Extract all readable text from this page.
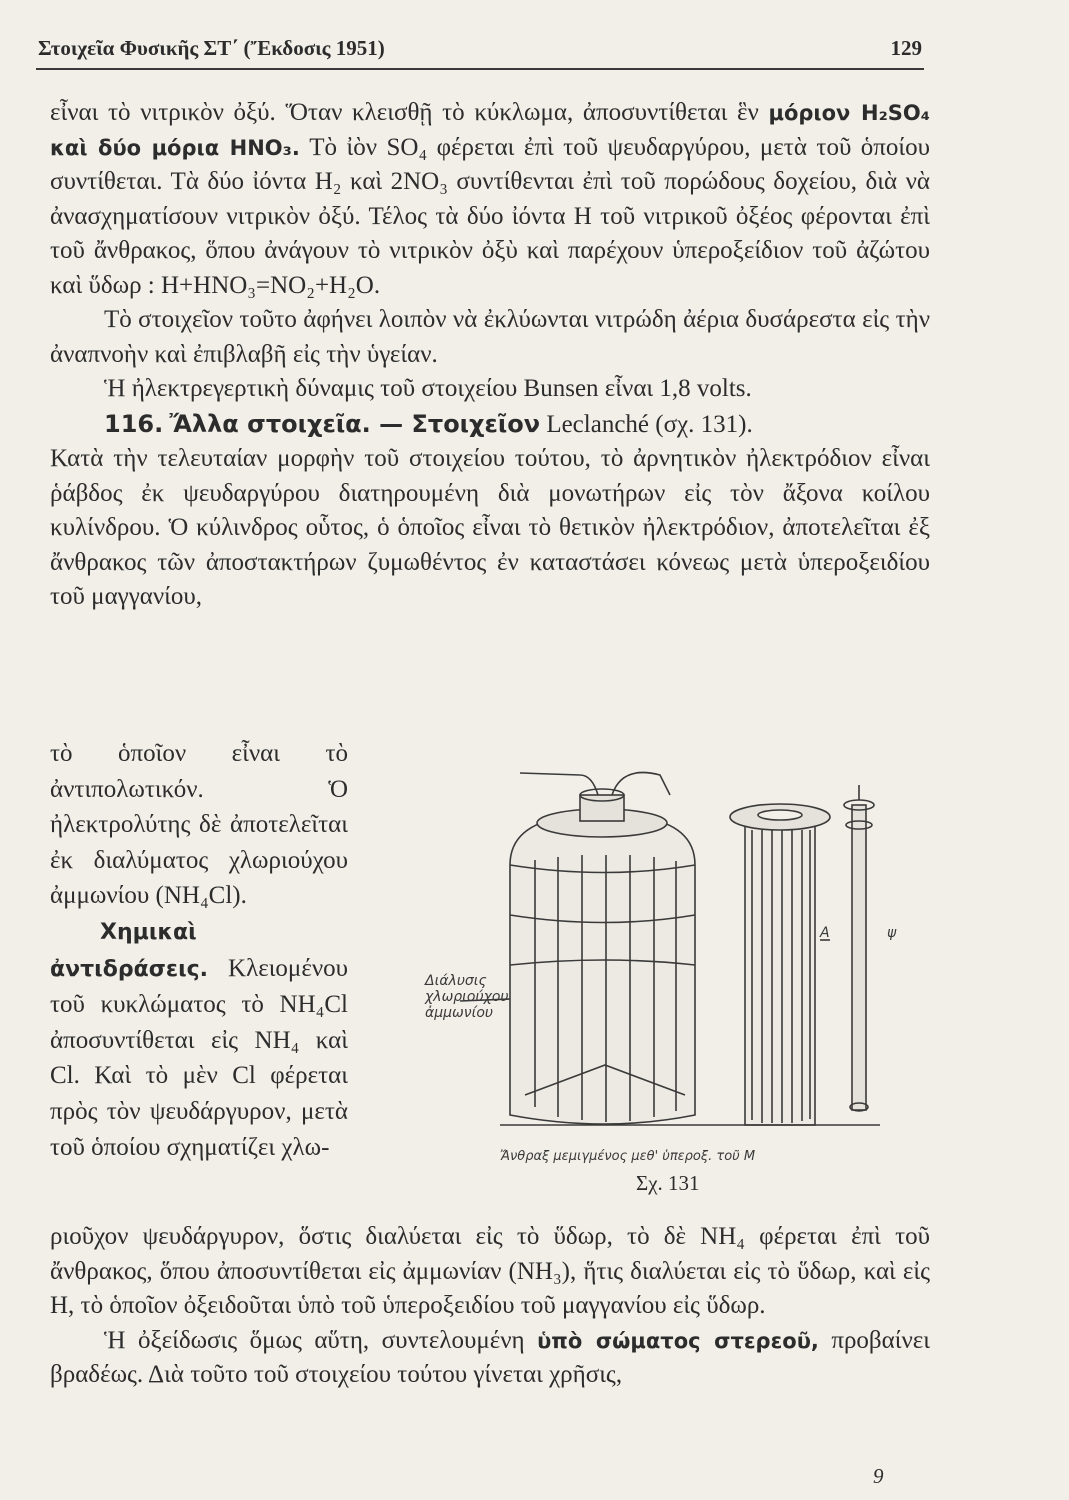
Στοιχεῖα Φυσικῆς ΣΤ΄ (Ἔκδοσις 1951)	129

εἶναι τὸ νιτρικὸν ὀξύ. Ὅταν κλεισθῇ τὸ κύκλωμα, ἀποσυντίθεται ἓν μόριον H₂SO₄ καὶ δύο μόρια HNO₃. Τὸ ἰὸν SO₄ φέρεται ἐπὶ τοῦ ψευδαργύρου, μετὰ τοῦ ὁποίου συντίθεται. Τὰ δύο ἰόντα H₂ καὶ 2NO₃ συντίθενται ἐπὶ τοῦ πορώδους δοχείου, διὰ νὰ ἀνασχηματίσουν νιτρικὸν ὀξύ. Τέλος τὰ δύο ἰόντα H τοῦ νιτρικοῦ ὀξέος φέρονται ἐπὶ τοῦ ἄνθρακος, ὅπου ἀνάγουν τὸ νιτρικὸν ὀξὺ καὶ παρέχουν ὑπεροξείδιον τοῦ ἀζώτου καὶ ὕδωρ : H+HNO₃=NO₂+H₂O.

Τὸ στοιχεῖον τοῦτο ἀφήνει λοιπὸν νὰ ἐκλύωνται νιτρώδη ἀέρια δυσάρεστα εἰς τὴν ἀναπνοὴν καὶ ἐπιβλαβῆ εἰς τὴν ὑγείαν.

Ἡ ἠλεκτρεγερτικὴ δύναμις τοῦ στοιχείου Bunsen εἶναι 1,8 volts.

116. Ἄλλα στοιχεῖα. — Στοιχεῖον Leclanché (σχ. 131).

Κατὰ τὴν τελευταίαν μορφὴν τοῦ στοιχείου τούτου, τὸ ἀρνητικὸν ἠλεκτρόδιον εἶναι ῥάβδος ἐκ ψευδαργύρου διατηρουμένη διὰ μονωτήρων εἰς τὸν ἄξονα κοίλου κυλίνδρου. Ὁ κύλινδρος οὗτος, ὁ ὁποῖος εἶναι τὸ θετικὸν ἠλεκτρόδιον, ἀποτελεῖται ἐξ ἄνθρακος τῶν ἀποστακτήρων ζυμωθέντος ἐν καταστάσει κόνεως μετὰ ὑπεροξειδίου τοῦ μαγγανίου,

τὸ ὁποῖον εἶναι τὸ ἀντιπολωτικόν. Ὁ ἠλεκτρολύτης δὲ ἀποτελεῖται ἐκ διαλύματος χλωριούχου ἀμμωνίου (NH₄Cl).

Χημικαὶ ἀντιδράσεις. Κλειομένου τοῦ κυκλώματος τὸ NH₄Cl ἀποσυντίθεται εἰς NH₄ καὶ Cl. Καὶ τὸ μὲν Cl φέρεται πρὸς τὸν ψευδάργυρον, μετὰ τοῦ ὁποίου σχηματίζει χλω-

Διάλυσις
χλωριούχου
ἀμμωνίου
Ἄνθραξ μεμιγμένος μεθ' ὑπεροξ. τοῦ Μ
A	ψ
Σχ. 131

ριοῦχον ψευδάργυρον, ὅστις διαλύεται εἰς τὸ ὕδωρ, τὸ δὲ NH₄ φέρεται ἐπὶ τοῦ ἄνθρακος, ὅπου ἀποσυντίθεται εἰς ἀμμωνίαν (NH₃), ἥτις διαλύεται εἰς τὸ ὕδωρ, καὶ εἰς H, τὸ ὁποῖον ὀξειδοῦται ὑπὸ τοῦ ὑπεροξειδίου τοῦ μαγγανίου εἰς ὕδωρ.

Ἡ ὀξείδωσις ὅμως αὕτη, συντελουμένη ὑπὸ σώματος στερεοῦ, προβαίνει βραδέως. Διὰ τοῦτο τοῦ στοιχείου τούτου γίνεται χρῆσις,

9
